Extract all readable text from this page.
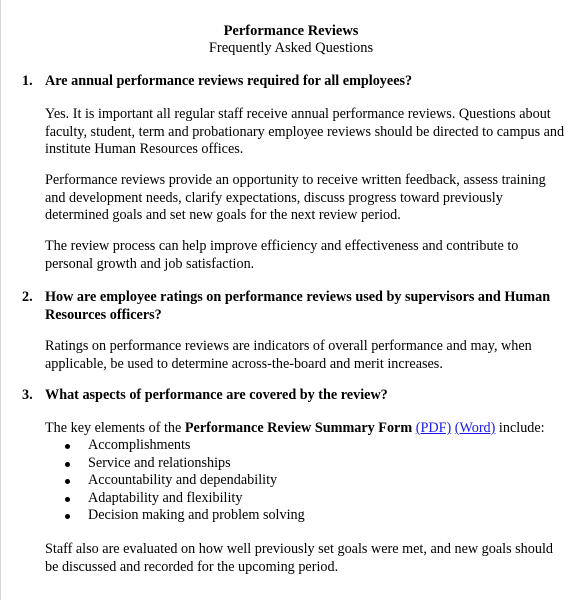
Performance Reviews
Frequently Asked Questions
1. Are annual performance reviews required for all employees?
Yes. It is important all regular staff receive annual performance reviews. Questions about faculty, student, term and probationary employee reviews should be directed to campus and institute Human Resources offices.
Performance reviews provide an opportunity to receive written feedback, assess training and development needs, clarify expectations, discuss progress toward previously determined goals and set new goals for the next review period.
The review process can help improve efficiency and effectiveness and contribute to personal growth and job satisfaction.
2. How are employee ratings on performance reviews used by supervisors and Human Resources officers?
Ratings on performance reviews are indicators of overall performance and may, when applicable, be used to determine across-the-board and merit increases.
3. What aspects of performance are covered by the review?
The key elements of the Performance Review Summary Form (PDF) (Word) include:
Accomplishments
Service and relationships
Accountability and dependability
Adaptability and flexibility
Decision making and problem solving
Staff also are evaluated on how well previously set goals were met, and new goals should be discussed and recorded for the upcoming period.
